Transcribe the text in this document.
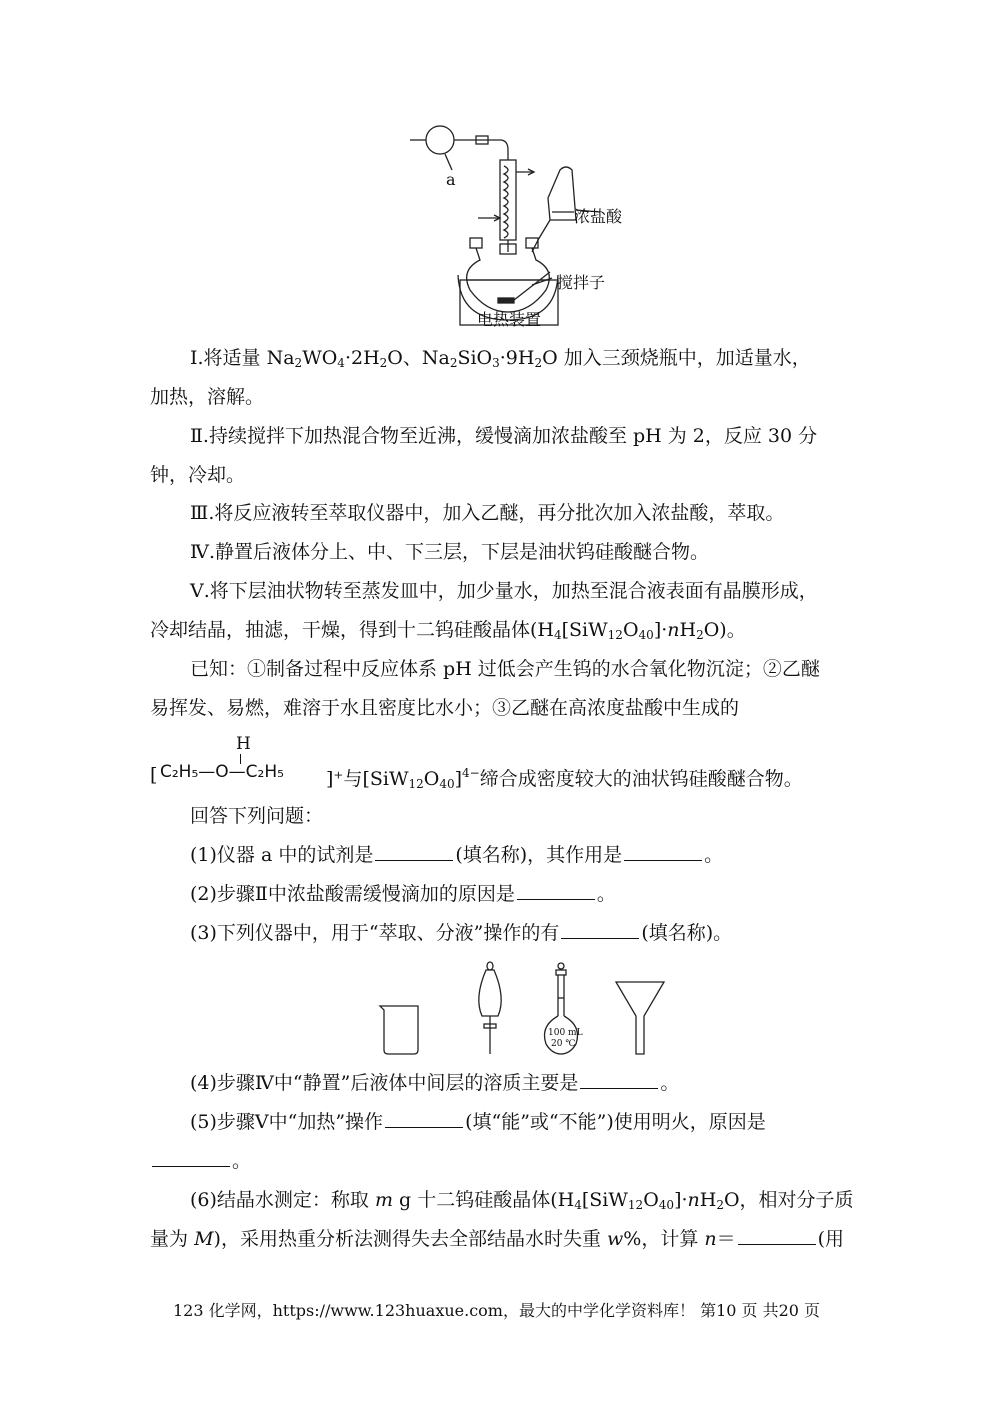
a
浓盐酸
搅拌子
电热装置
Ⅰ.将适量 $Na_2WO_4\cdot 2H_2O$、$Na_2SiO_3\cdot 9H_2O$ 加入三颈烧瓶中，加适量水，
加热，溶解。
Ⅱ.持续搅拌下加热混合物至近沸，缓慢滴加浓盐酸至 pH 为 2，反应 30 分
钟，冷却。
Ⅲ.将反应液转至萃取仪器中，加入乙醚，再分批次加入浓盐酸，萃取。
Ⅳ.静置后液体分上、中、下三层，下层是油状钨硅酸醚合物。
Ⅴ.将下层油状物转至蒸发皿中，加少量水，加热至混合液表面有晶膜形成，
冷却结晶，抽滤，干燥，得到十二钨硅酸晶体$(H_4[SiW_{12}O_{40}]\cdot nH_2O)$。
已知：①制备过程中反应体系 pH 过低会产生钨的水合氧化物沉淀；②乙醚
易挥发、易燃，难溶于水且密度比水小；③乙醚在高浓度盐酸中生成的
H
[ C₂H₅—O—C₂H₅ ]⁺与$[SiW_{12}O_{40}]^{4-}$缔合成密度较大的油状钨硅酸醚合物。
回答下列问题：
(1)仪器 a 中的试剂是	(填名称)，其作用是	。
(2)步骤Ⅱ中浓盐酸需缓慢滴加的原因是	。
(3)下列仪器中，用于“萃取、分液”操作的有	(填名称)。
100 mL
20 ℃
(4)步骤Ⅳ中“静置”后液体中间层的溶质主要是	。
(5)步骤Ⅴ中“加热”操作	(填“能”或“不能”)使用明火，原因是
。
(6)结晶水测定：称取 m g 十二钨硅酸晶体($H_4[SiW_{12}O_{40}]\cdot nH_2O$，相对分子质
量为 M)，采用热重分析法测得失去全部结晶水时失重 w%，计算 n＝	(用
123 化学网，https://www.123huaxue.com，最大的中学化学资料库！ 第10 页 共20 页
